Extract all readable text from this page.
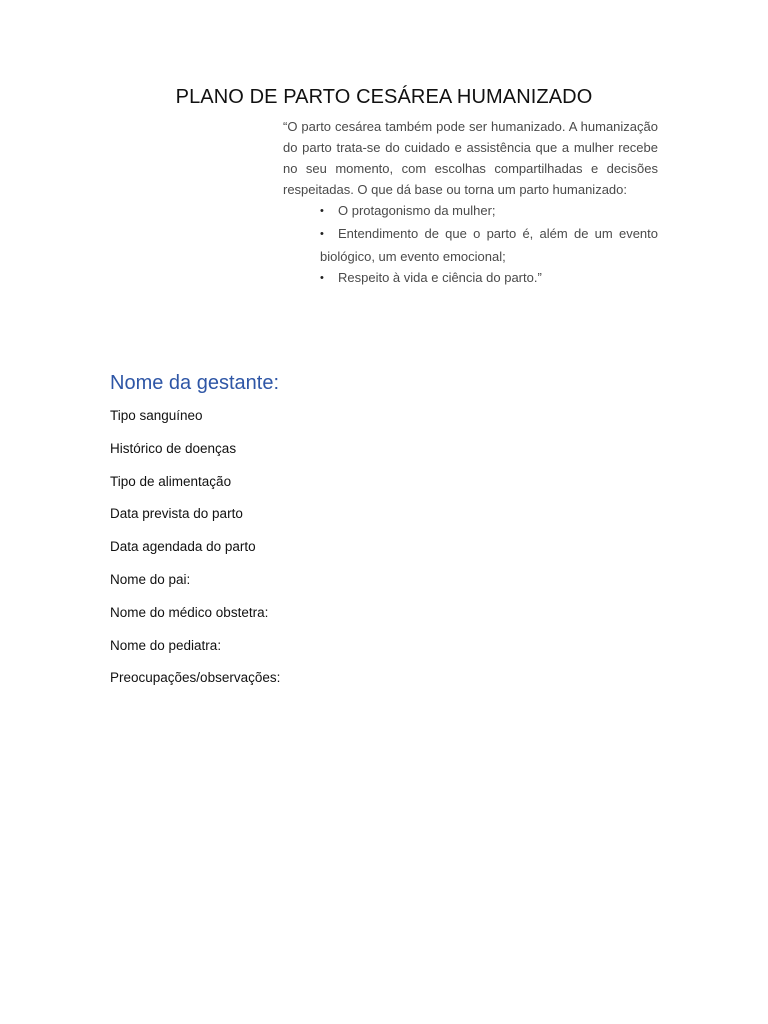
PLANO DE PARTO CESÁREA HUMANIZADO

“O parto cesárea também pode ser humanizado. A humanização do parto trata-se do cuidado e assistência que a mulher recebe no seu momento, com escolhas compartilhadas e decisões respeitadas. O que dá base ou torna um parto humanizado:

•O protagonismo da mulher;
•Entendimento de que o parto é, além de um evento biológico, um evento emocional;
•Respeito à vida e ciência do parto.”
Nome da gestante:
Tipo sanguíneo
Histórico de doenças
Tipo de alimentação
Data prevista do parto
Data agendada do parto
Nome do pai:
Nome do médico obstetra:
Nome do pediatra:
Preocupações/observações:
